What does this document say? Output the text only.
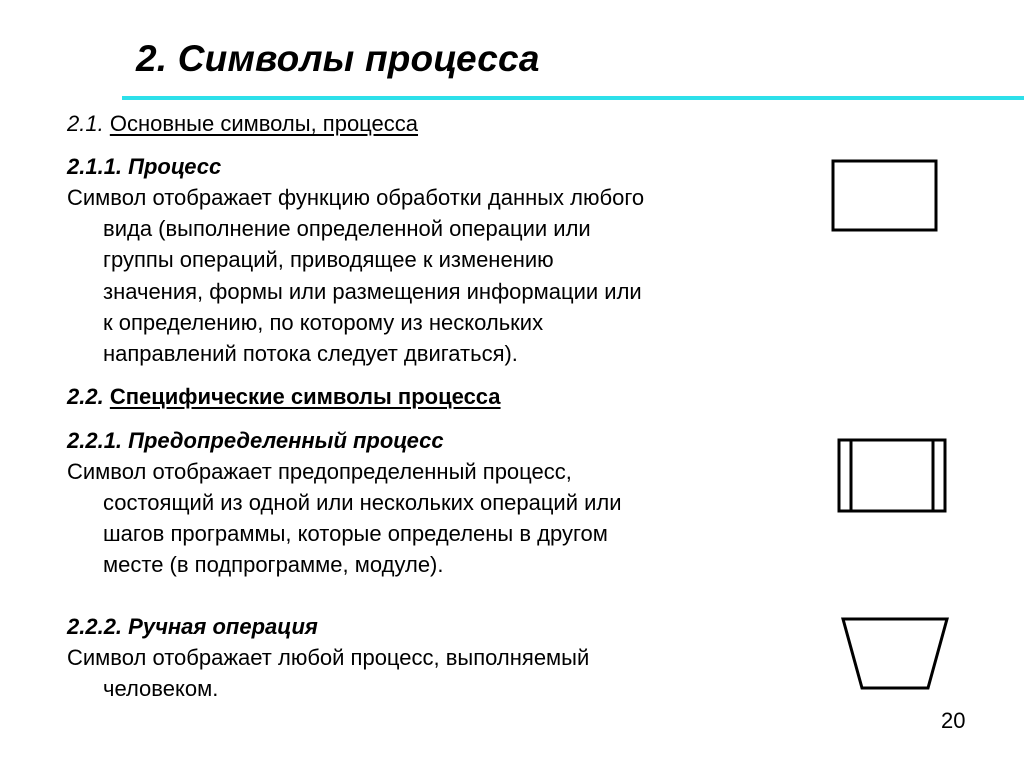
2. Символы процесса
2.1. Основные символы, процесса
2.1.1. Процесс
Символ отображает функцию обработки данных любого
вида (выполнение определенной операции или
группы операций, приводящее к изменению
значения, формы или размещения информации или
к определению, по которому из нескольких
направлений потока следует двигаться).
2.2. Специфические символы процесса
2.2.1. Предопределенный процесс
Символ отображает предопределенный процесс,
состоящий из одной или нескольких операций или
шагов программы, которые определены в другом
месте (в подпрограмме, модуле).
2.2.2. Ручная операция
Символ отображает любой процесс, выполняемый
человеком.
20
